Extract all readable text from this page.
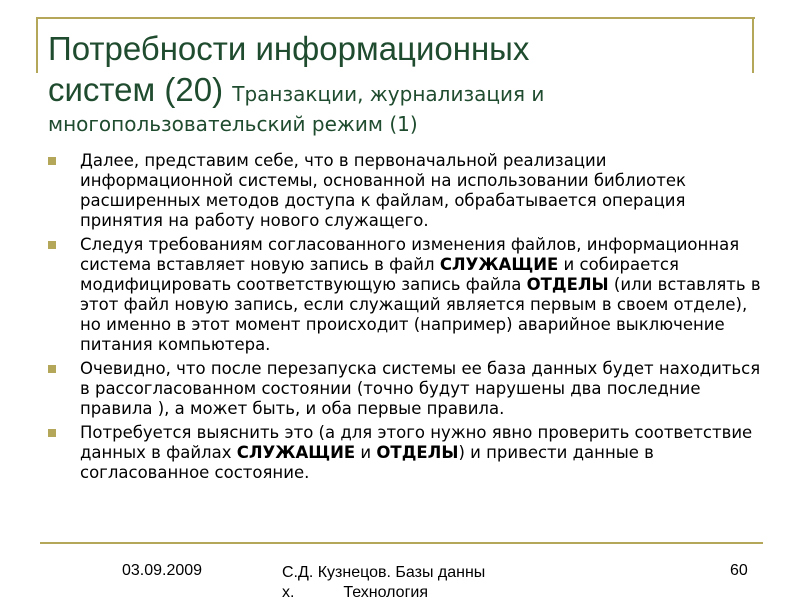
Потребности информационных
систем (20) Транзакции, журнализация и
многопользовательский режим (1)
Далее, представим себе, что в первоначальной реализации информационной системы, основанной на использовании библиотек расширенных методов доступа к файлам, обрабатывается операция принятия на работу нового служащего.
Следуя требованиям согласованного изменения файлов, информационная система вставляет новую запись в файл СЛУЖАЩИЕ и собирается модифицировать соответствующую запись файла ОТДЕЛЫ (или вставлять в этот файл новую запись, если служащий является первым в своем отделе), но именно в этот момент происходит (например) аварийное выключение питания компьютера.
Очевидно, что после перезапуска системы ее база данных будет находиться в рассогласованном состоянии (точно будут нарушены два последние правила ), а может быть, и оба первые правила.
Потребуется выяснить это (а для этого нужно явно проверить соответствие данных в файлах СЛУЖАЩИЕ и ОТДЕЛЫ) и привести данные в согласованное состояние.
03.09.2009	С.Д. Кузнецов. Базы данны
х.           Технология
60
